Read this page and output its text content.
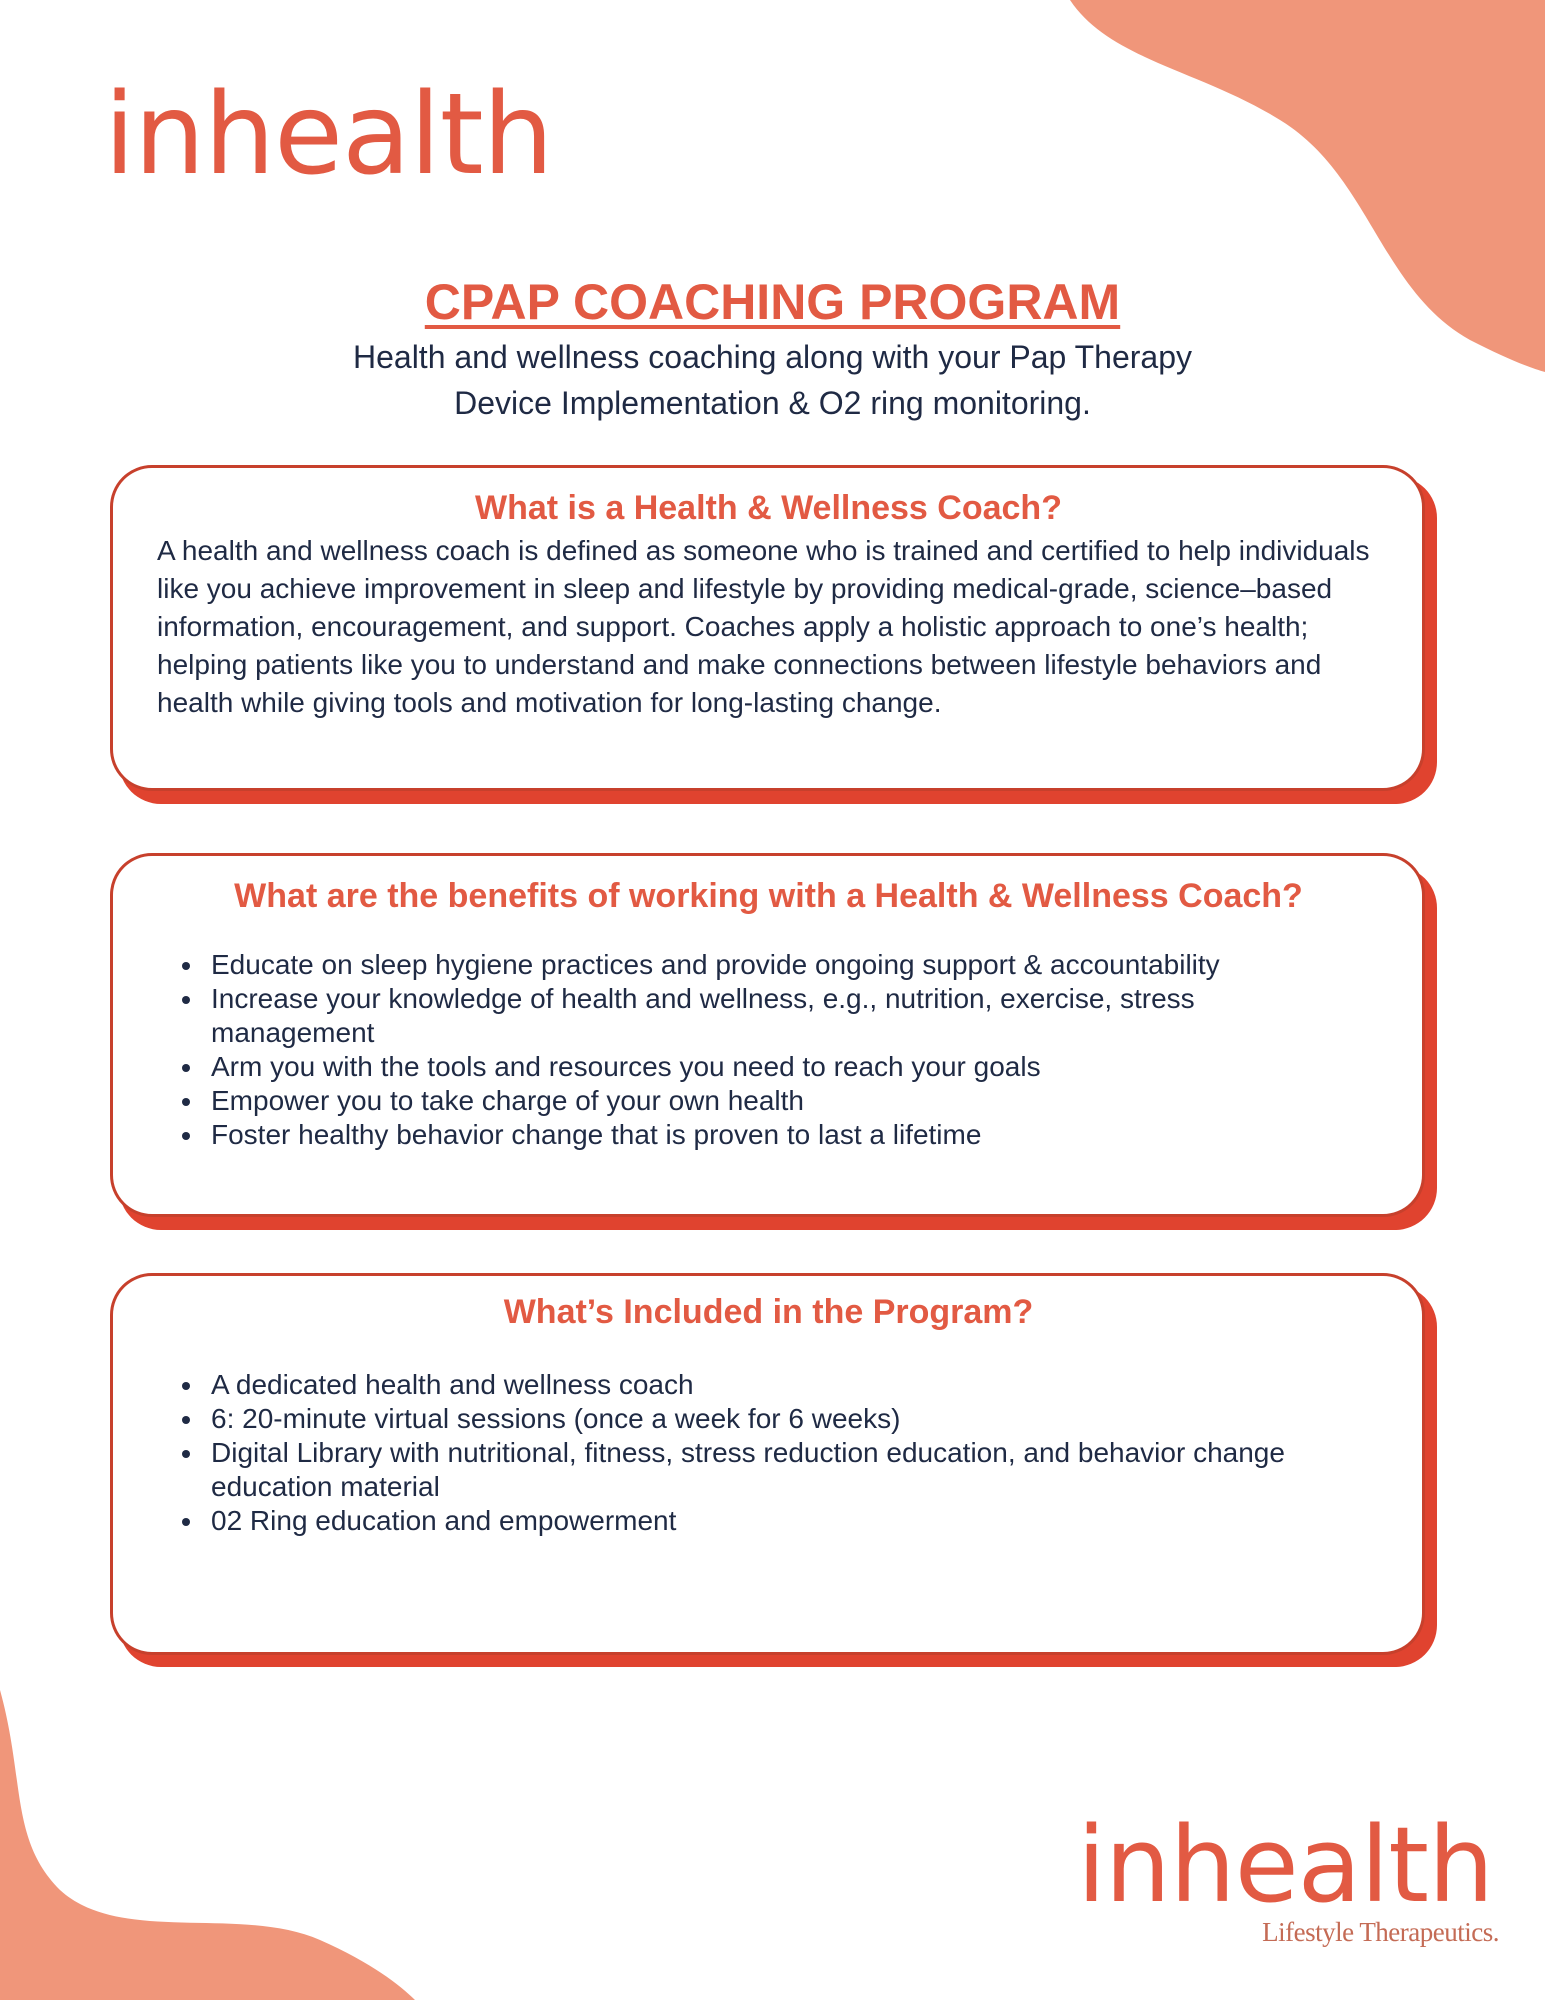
inhealth
CPAP COACHING PROGRAM
Health and wellness coaching along with your Pap Therapy
Device Implementation & O2 ring monitoring.
What is a Health & Wellness Coach?

A health and wellness coach is defined as someone who is trained and certified to help individuals like you achieve improvement in sleep and lifestyle by providing medical-grade, science–based information, encouragement, and support. Coaches apply a holistic approach to one’s health; helping patients like you to understand and make connections between lifestyle behaviors and health while giving tools and motivation for long-lasting change.

What are the benefits of working with a Health & Wellness Coach?
• Educate on sleep hygiene practices and provide ongoing support & accountability
• Increase your knowledge of health and wellness, e.g., nutrition, exercise, stress management
• Arm you with the tools and resources you need to reach your goals
• Empower you to take charge of your own health
• Foster healthy behavior change that is proven to last a lifetime
What’s Included in the Program?
• A dedicated health and wellness coach
• 6: 20-minute virtual sessions (once a week for 6 weeks)
• Digital Library with nutritional, fitness, stress reduction education, and behavior change education material
• 02 Ring education and empowerment
inhealth
Lifestyle Therapeutics.
